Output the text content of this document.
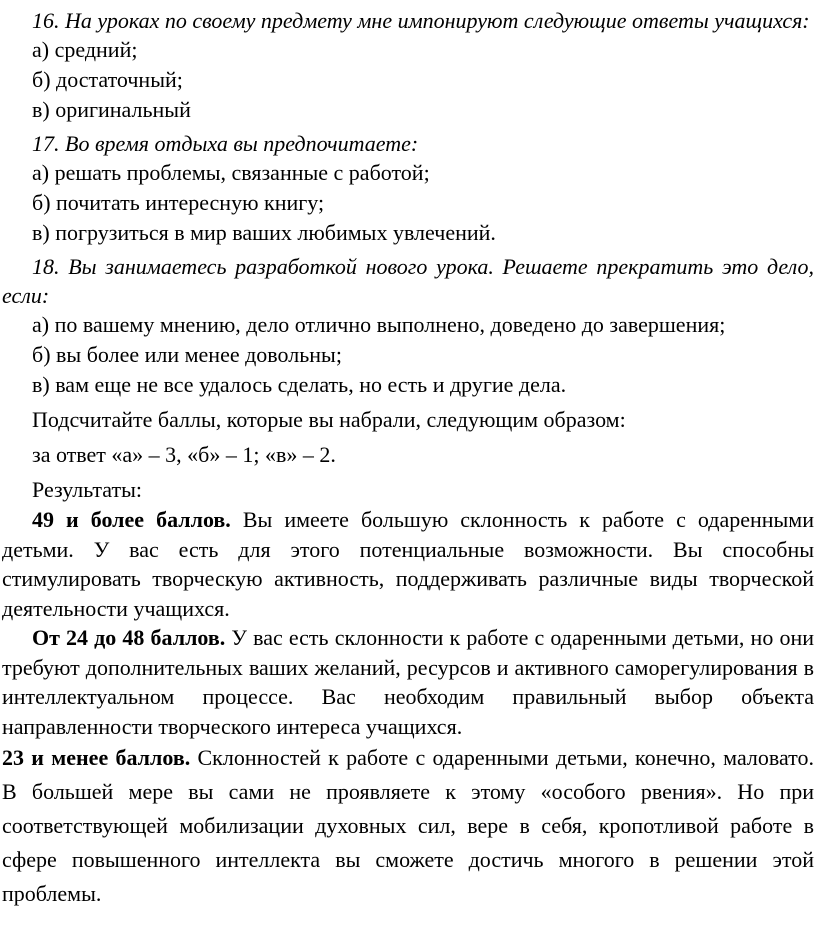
16. На уроках по своему предмету мне импонируют следующие ответы учащихся:

а) средний;

б) достаточный;

в) оригинальный

17. Во время отдыха вы предпочитаете:

а) решать проблемы, связанные с работой;

б) почитать интересную книгу;

в) погрузиться в мир ваших любимых увлечений.

18. Вы занимаетесь разработкой нового урока. Решаете прекратить это дело, если:

а) по вашему мнению, дело отлично выполнено, доведено до завершения;

б) вы более или менее довольны;

в) вам еще не все удалось сделать, но есть и другие дела.

Подсчитайте баллы, которые вы набрали, следующим образом:

за ответ «а» – 3, «б» – 1; «в» – 2.

Результаты:

49 и более баллов. Вы имеете большую склонность к работе с одаренными детьми. У вас есть для этого потенциальные возможности. Вы способны стимулировать творческую активность, поддерживать различные виды творческой деятельности учащихся.

От 24 до 48 баллов. У вас есть склонности к работе с одаренными детьми, но они требуют дополнительных ваших желаний, ресурсов и активного саморегулирования в интеллектуальном процессе. Вас необходим правильный выбор объекта направленности творческого интереса учащихся.

23 и менее баллов. Склонностей к работе с одаренными детьми, конечно, маловато. В большей мере вы сами не проявляете к этому «особого рвения». Но при соответствующей мобилизации духовных сил, вере в себя, кропотливой работе в сфере повышенного интеллекта вы сможете достичь многого в решении этой проблемы.
